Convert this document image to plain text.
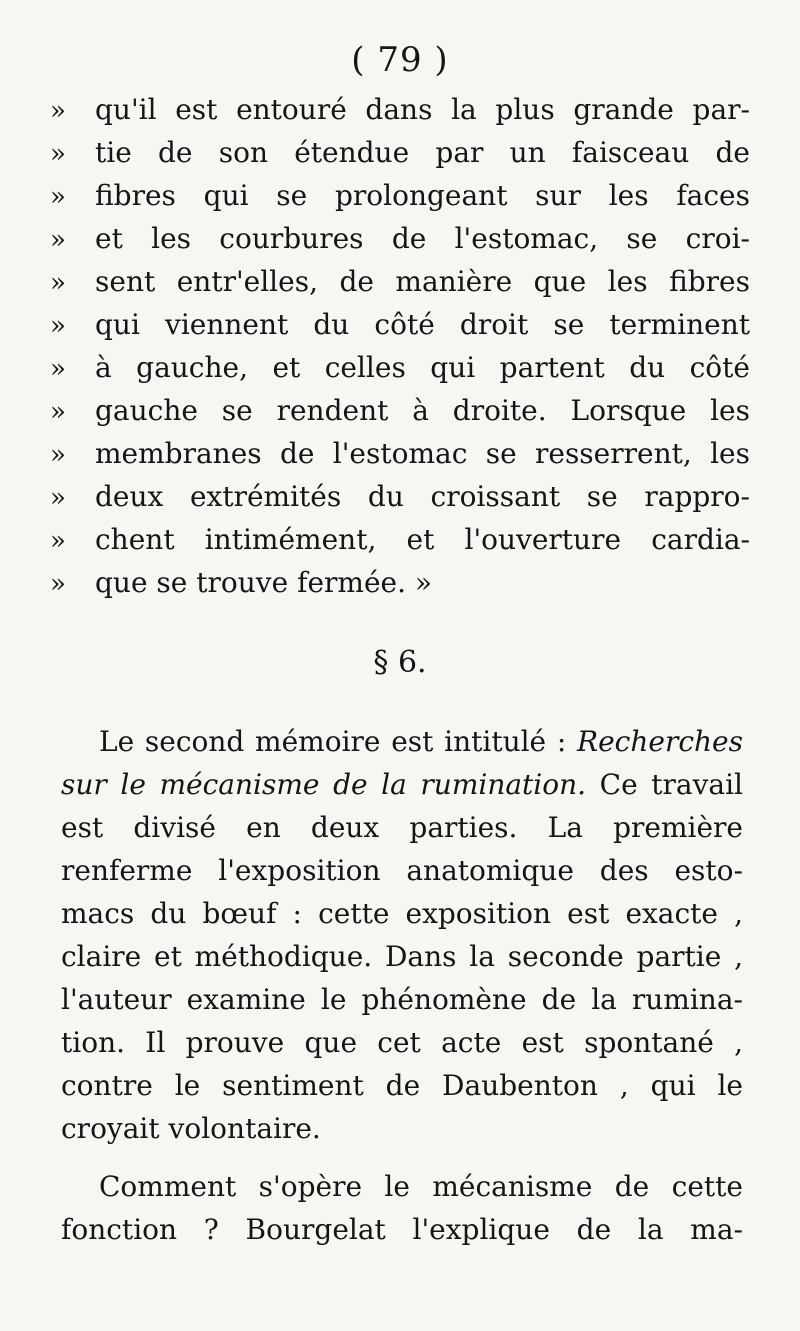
( 79 )
»	qu'il est entouré dans la plus grande par-
»	tie de son étendue par un faisceau de
»	fibres qui se prolongeant sur les faces
»	et les courbures de l'estomac, se croi-
»	sent entr'elles, de manière que les fibres
»	qui viennent du côté droit se terminent
»	à gauche, et celles qui partent du côté
»	gauche se rendent à droite. Lorsque les
»	membranes de l'estomac se resserrent, les
»	deux extrémités du croissant se rappro-
»	chent intimément, et l'ouverture cardia-
»	que se trouve fermée. »
§ 6.
Le second mémoire est intitulé : Recherches
sur le mécanisme de la rumination. Ce travail
est divisé en deux parties. La première
renferme l'exposition anatomique des esto-
macs du bœuf : cette exposition est exacte ,
claire et méthodique. Dans la seconde partie ,
l'auteur examine le phénomène de la rumina-
tion. Il prouve que cet acte est spontané ,
contre le sentiment de Daubenton , qui le
croyait volontaire.
Comment s'opère le mécanisme de cette
fonction ? Bourgelat l'explique de la ma-
